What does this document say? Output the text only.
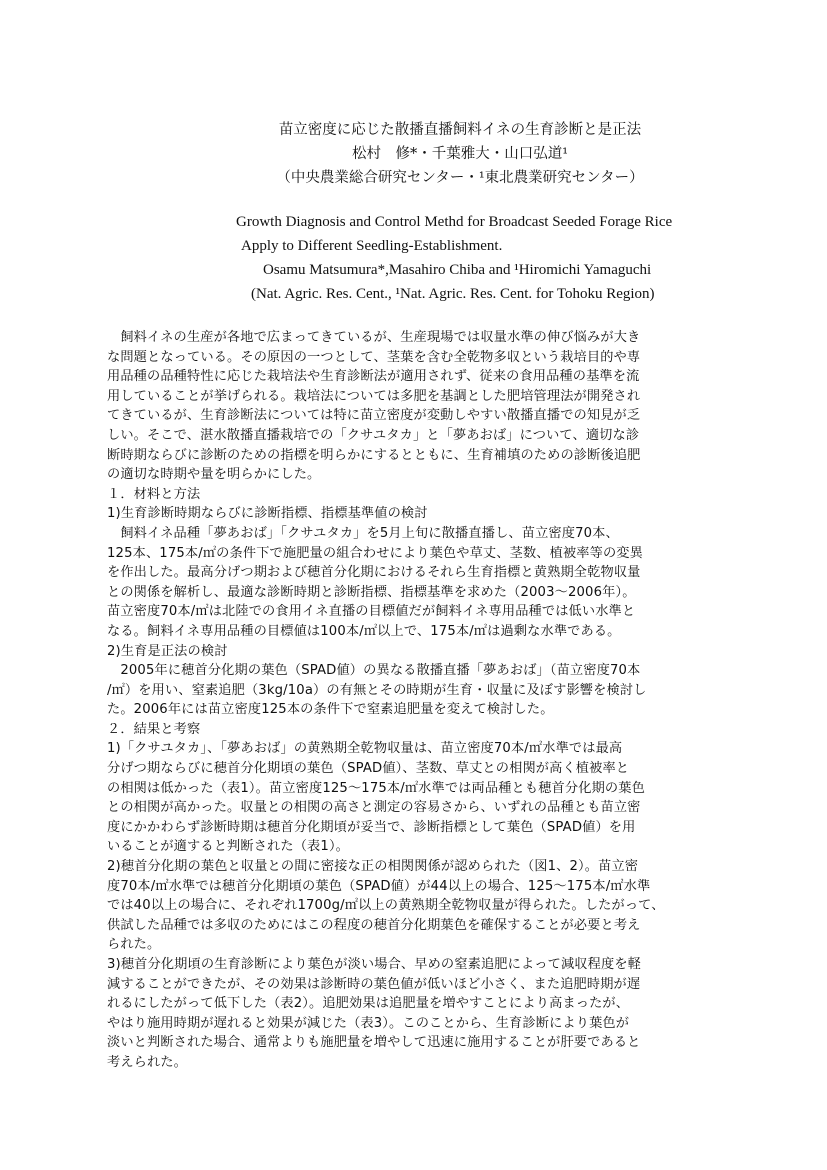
苗立密度に応じた散播直播飼料イネの生育診断と是正法
松村　修*・千葉雅大・山口弘道¹
（中央農業総合研究センター・¹東北農業研究センター）
Growth Diagnosis and Control Methd for Broadcast Seeded Forage Rice
Apply to Different Seedling-Establishment.
Osamu Matsumura*,Masahiro Chiba and ¹Hiromichi Yamaguchi
(Nat. Agric. Res. Cent., ¹Nat. Agric. Res. Cent. for Tohoku Region)
　飼料イネの生産が各地で広まってきているが、生産現場では収量水準の伸び悩みが大き
な問題となっている。その原因の一つとして、茎葉を含む全乾物多収という栽培目的や専
用品種の品種特性に応じた栽培法や生育診断法が適用されず、従来の食用品種の基準を流
用していることが挙げられる。栽培法については多肥を基調とした肥培管理法が開発され
てきているが、生育診断法については特に苗立密度が変動しやすい散播直播での知見が乏
しい。そこで、湛水散播直播栽培での「クサユタカ」と「夢あおば」について、適切な診
断時期ならびに診断のための指標を明らかにするとともに、生育補填のための診断後追肥
の適切な時期や量を明らかにした。
１．材料と方法
1)生育診断時期ならびに診断指標、指標基準値の検討
　飼料イネ品種「夢あおば」「クサユタカ」を5月上旬に散播直播し、苗立密度70本、
125本、175本/㎡の条件下で施肥量の組合わせにより葉色や草丈、茎数、植被率等の変異
を作出した。最高分げつ期および穂首分化期におけるそれら生育指標と黄熟期全乾物収量
との関係を解析し、最適な診断時期と診断指標、指標基準を求めた（2003～2006年）。
苗立密度70本/㎡は北陸での食用イネ直播の目標値だが飼料イネ専用品種では低い水準と
なる。飼料イネ専用品種の目標値は100本/㎡以上で、175本/㎡は過剰な水準である。
2)生育是正法の検討
　2005年に穂首分化期の葉色（SPAD値）の異なる散播直播「夢あおば」（苗立密度70本
/㎡）を用い、窒素追肥（3kg/10a）の有無とその時期が生育・収量に及ぼす影響を検討し
た。2006年には苗立密度125本の条件下で窒素追肥量を変えて検討した。
２．結果と考察
1)「クサユタカ」、「夢あおば」の黄熟期全乾物収量は、苗立密度70本/㎡水準では最高
分げつ期ならびに穂首分化期頃の葉色（SPAD値）、茎数、草丈との相関が高く植被率と
の相関は低かった（表1）。苗立密度125～175本/㎡水準では両品種とも穂首分化期の葉色
との相関が高かった。収量との相関の高さと測定の容易さから、いずれの品種とも苗立密
度にかかわらず診断時期は穂首分化期頃が妥当で、診断指標として葉色（SPAD値）を用
いることが適すると判断された（表1）。
2)穂首分化期の葉色と収量との間に密接な正の相関関係が認められた（図1、2）。苗立密
度70本/㎡水準では穂首分化期頃の葉色（SPAD値）が44以上の場合、125～175本/㎡水準
では40以上の場合に、それぞれ1700g/㎡以上の黄熟期全乾物収量が得られた。したがって、
供試した品種では多収のためにはこの程度の穂首分化期葉色を確保することが必要と考え
られた。
3)穂首分化期頃の生育診断により葉色が淡い場合、早めの窒素追肥によって減収程度を軽
減することができたが、その効果は診断時の葉色値が低いほど小さく、また追肥時期が遅
れるにしたがって低下した（表2）。追肥効果は追肥量を増やすことにより高まったが、
やはり施用時期が遅れると効果が減じた（表3）。このことから、生育診断により葉色が
淡いと判断された場合、通常よりも施肥量を増やして迅速に施用することが肝要であると
考えられた。
